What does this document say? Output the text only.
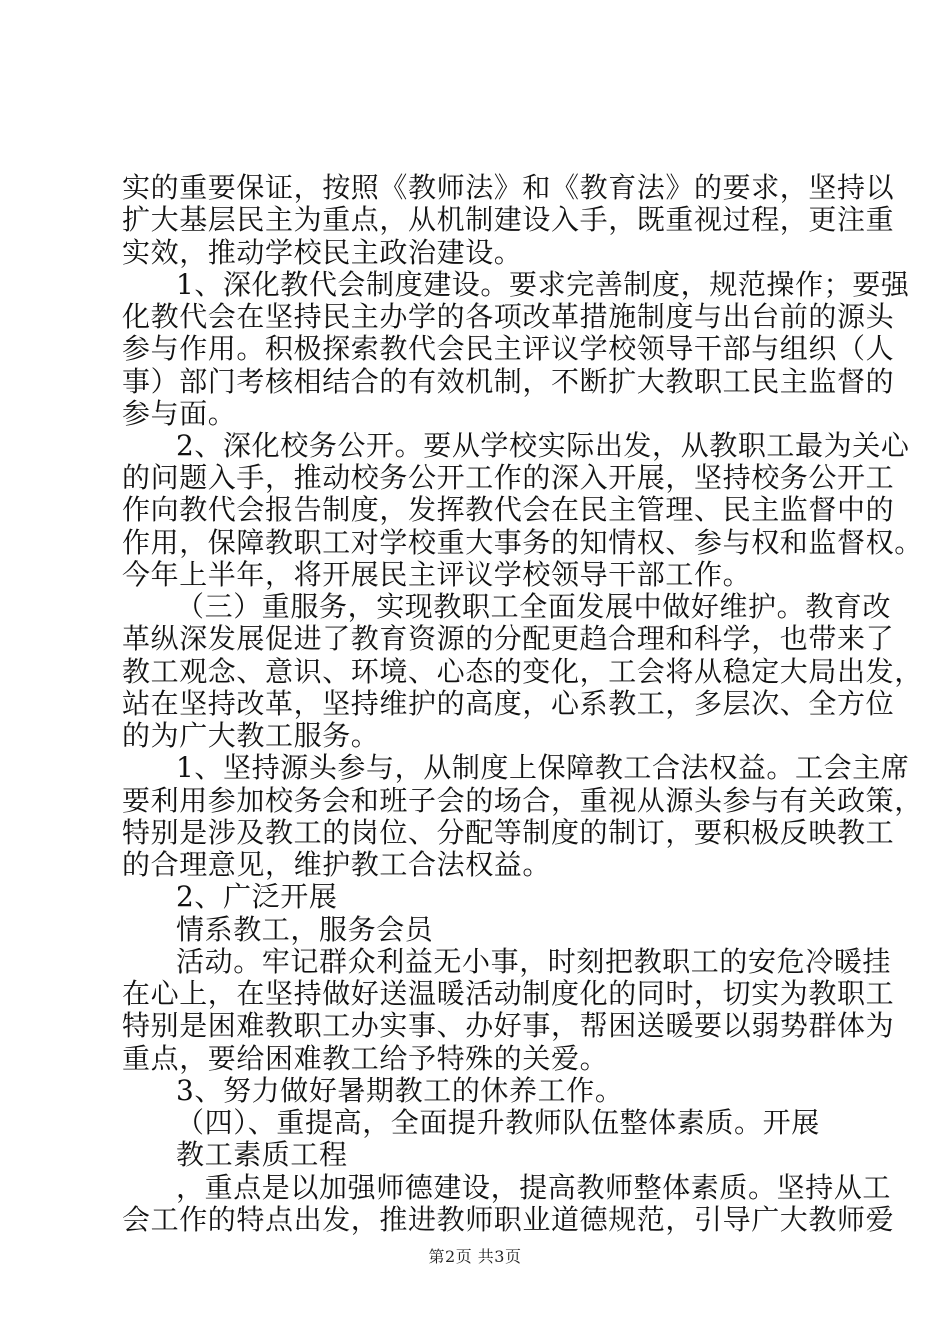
实的重要保证，按照《教师法》和《教育法》的要求，坚持以
扩大基层民主为重点，从机制建设入手，既重视过程，更注重
实效，推动学校民主政治建设。
1、深化教代会制度建设。要求完善制度，规范操作；要强
化教代会在坚持民主办学的各项改革措施制度与出台前的源头
参与作用。积极探索教代会民主评议学校领导干部与组织（人
事）部门考核相结合的有效机制，不断扩大教职工民主监督的
参与面。
2、深化校务公开。要从学校实际出发，从教职工最为关心
的问题入手，推动校务公开工作的深入开展，坚持校务公开工
作向教代会报告制度，发挥教代会在民主管理、民主监督中的
作用，保障教职工对学校重大事务的知情权、参与权和监督权。
今年上半年，将开展民主评议学校领导干部工作。
（三）重服务，实现教职工全面发展中做好维护。教育改
革纵深发展促进了教育资源的分配更趋合理和科学，也带来了
教工观念、意识、环境、心态的变化，工会将从稳定大局出发，
站在坚持改革，坚持维护的高度，心系教工，多层次、全方位
的为广大教工服务。
1、坚持源头参与，从制度上保障教工合法权益。工会主席
要利用参加校务会和班子会的场合，重视从源头参与有关政策，
特别是涉及教工的岗位、分配等制度的制订，要积极反映教工
的合理意见，维护教工合法权益。
2、广泛开展
情系教工，服务会员
活动。牢记群众利益无小事，时刻把教职工的安危冷暖挂
在心上，在坚持做好送温暖活动制度化的同时，切实为教职工
特别是困难教职工办实事、办好事，帮困送暖要以弱势群体为
重点，要给困难教工给予特殊的关爱。
3、努力做好暑期教工的休养工作。
（四）、重提高，全面提升教师队伍整体素质。开展
教工素质工程
，重点是以加强师德建设，提高教师整体素质。坚持从工
会工作的特点出发，推进教师职业道德规范，引导广大教师爱
第2页 共3页
